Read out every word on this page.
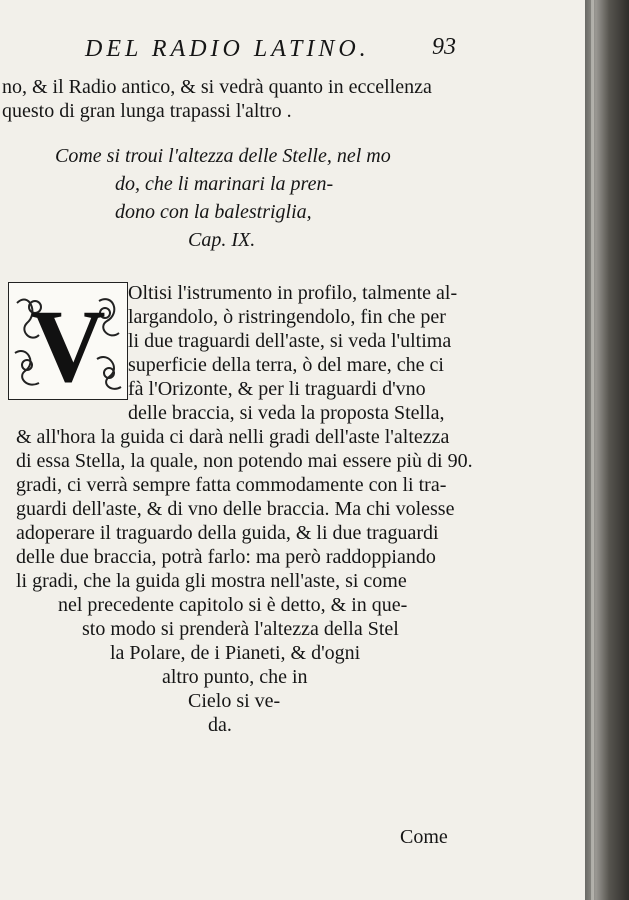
DEL RADIO LATINO.	93
no, & il Radio antico, & si vedrà quanto in eccellenza
questo di gran lunga trapassi l'altro .
Come si troui l'altezza delle Stelle, nel mo
do, che li marinari la pren-
dono con la balestriglia,
Cap. IX.
V Oltisi l'istrumento in profilo, talmente al-
largandolo, ò ristringendolo, fin che per
li due traguardi dell'aste, si veda l'ultima
superficie della terra, ò del mare, che ci
fà l'Orizonte, & per li traguardi d'vno
delle braccia, si veda la proposta Stella,
& all'hora la guida ci darà nelli gradi dell'aste l'altezza
di essa Stella, la quale, non potendo mai essere più di 90.
gradi, ci verrà sempre fatta commodamente con li tra-
guardi dell'aste, & di vno delle braccia. Ma chi volesse
adoperare il traguardo della guida, & li due traguardi
delle due braccia, potrà farlo: ma però raddoppiando
li gradi, che la guida gli mostra nell'aste, si come
nel precedente capitolo si è detto, & in que-
sto modo si prenderà l'altezza della Stel
la Polare, de i Pianeti, & d'ogni
altro punto, che in
Cielo si ve-
da.
Come
